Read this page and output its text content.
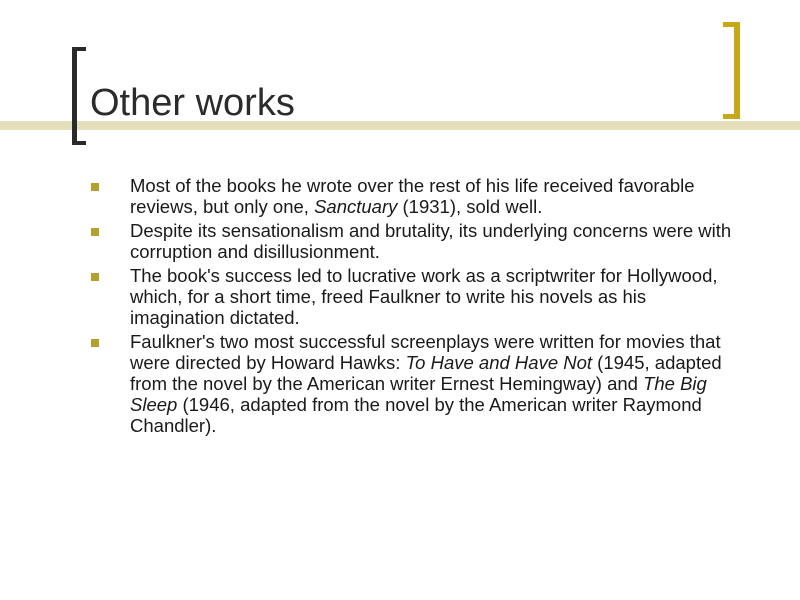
Other works
Most of the books he wrote over the rest of his life received favorable reviews, but only one, Sanctuary (1931), sold well.
Despite its sensationalism and brutality, its underlying concerns were with corruption and disillusionment.
The book's success led to lucrative work as a scriptwriter for Hollywood, which, for a short time, freed Faulkner to write his novels as his imagination dictated.
Faulkner's two most successful screenplays were written for movies that were directed by Howard Hawks: To Have and Have Not (1945, adapted from the novel by the American writer Ernest Hemingway) and The Big Sleep (1946, adapted from the novel by the American writer Raymond Chandler).
